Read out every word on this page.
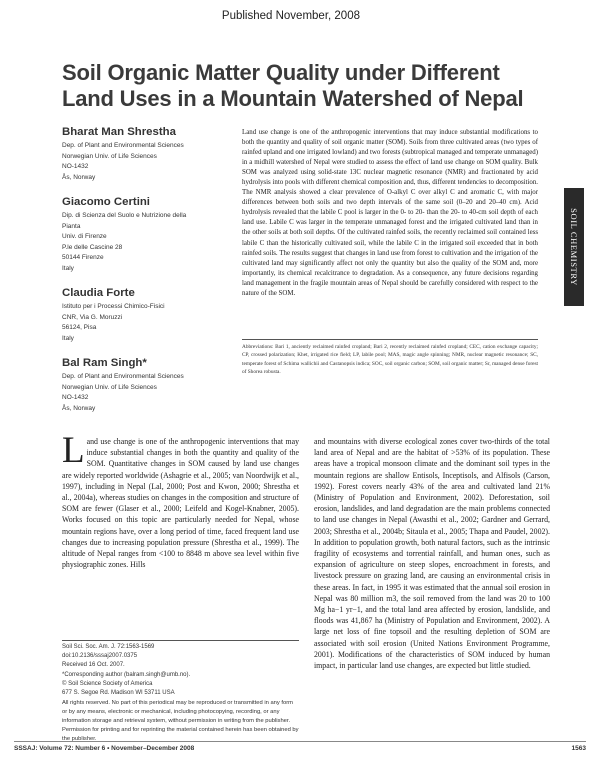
Published November, 2008
Soil Organic Matter Quality under Different
Land Uses in a Mountain Watershed of Nepal
Bharat Man Shrestha
Dep. of Plant and Environmental Sciences
Norwegian Univ. of Life Sciences
NO-1432
Ås, Norway
Giacomo Certini
Dip. di Scienza del Suolo e Nutrizione della
Pianta
Univ. di Firenze
P.le delle Cascine 28
50144 Firenze
Italy
Claudia Forte
Istituto per i Processi Chimico-Fisici
CNR, Via G. Moruzzi
56124, Pisa
Italy
Bal Ram Singh*
Dep. of Plant and Environmental Sciences
Norwegian Univ. of Life Sciences
NO-1432
Ås, Norway
Land use change is one of the anthropogenic interventions that may induce substantial modifications to both the quantity and quality of soil organic matter (SOM). Soils from three cultivated areas (two types of rainfed upland and one irrigated lowland) and two forests (subtropical managed and temperate unmanaged) in a midhill watershed of Nepal were studied to assess the effect of land use change on SOM quality. Bulk SOM was analyzed using solid-state 13C nuclear magnetic resonance (NMR) and fractionated by acid hydrolysis into pools with different chemical composition and, thus, different tendencies to decomposition. The NMR analysis showed a clear prevalence of O-alkyl C over alkyl C and aromatic C, with major differences between both soils and two depth intervals of the same soil (0–20 and 20–40 cm). Acid hydrolysis revealed that the labile C pool is larger in the 0- to 20- than the 20- to 40-cm soil depth of each land use. Labile C was larger in the temperate unmanaged forest and the irrigated cultivated land than in the other soils at both soil depths. Of the cultivated rainfed soils, the recently reclaimed soil contained less labile C than the historically cultivated soil, while the labile C in the irrigated soil exceeded that in both rainfed soils. The results suggest that changes in land use from forest to cultivation and the irrigation of the cultivated land may significantly affect not only the quantity but also the quality of the SOM and, more importantly, its chemical recalcitrance to degradation. As a consequence, any future decisions regarding land management in the fragile mountain areas of Nepal should be carefully considered with respect to the nature of the SOM.
Abbreviations: Bari 1, anciently reclaimed rainfed cropland; Bari 2, recently reclaimed rainfed cropland; CEC, cation exchange capacity; CP, crossed polarization; Khet, irrigated rice field; LP, labile pool; MAS, magic angle spinning; NMR, nuclear magnetic resonance; SC, temperate forest of Schima wallichii and Castanopsis indica; SOC, soil organic carbon; SOM, soil organic matter; Sr, managed dense forest of Shorea robusta.
SOIL CHEMISTRY
Land use change is one of the anthropogenic interventions that may induce substantial changes in both the quantity and quality of the SOM. Quantitative changes in SOM caused by land use changes are widely reported worldwide (Ashagrie et al., 2005; van Noordwijk et al., 1997), including in Nepal (Lal, 2000; Post and Kwon, 2000; Shrestha et al., 2004a), whereas studies on changes in the composition and structure of SOM are fewer (Glaser et al., 2000; Leifeld and Kogel-Knabner, 2005). Works focused on this topic are particularly needed for Nepal, whose mountain regions have, over a long period of time, faced frequent land use changes due to increasing population pressure (Shrestha et al., 1999). The altitude of Nepal ranges from <100 to 8848 m above sea level within five physiographic zones. Hills
and mountains with diverse ecological zones cover two-thirds of the total land area of Nepal and are the habitat of >53% of its population. These areas have a tropical monsoon climate and the dominant soil types in the mountain regions are shallow Entisols, Inceptisols, and Alfisols (Carson, 1992). Forest covers nearly 43% of the area and cultivated land 21% (Ministry of Population and Environment, 2002). Deforestation, soil erosion, landslides, and land degradation are the main problems connected to land use changes in Nepal (Awasthi et al., 2002; Gardner and Gerrard, 2003; Shrestha et al., 2004b; Sitaula et al., 2005; Thapa and Paudel, 2002). In addition to population growth, both natural factors, such as the intrinsic fragility of ecosystems and torrential rainfall, and human ones, such as expansion of agriculture on steep slopes, encroachment in forests, and livestock pressure on grazing land, are causing an environmental crisis in these areas. In fact, in 1995 it was estimated that the annual soil erosion in Nepal was 80 million m3, the soil removed from the land was 20 to 100 Mg ha−1 yr−1, and the total land area affected by erosion, landslide, and floods was 41,867 ha (Ministry of Population and Environment, 2002). A large net loss of fine topsoil and the resulting depletion of SOM are associated with soil erosion (United Nations Environment Programme, 2001). Modifications of the characteristics of SOM induced by human impact, in particular land use changes, are expected but little studied.
Soil Sci. Soc. Am. J. 72:1563-1569
doi:10.2136/sssaj2007.0375
Received 16 Oct. 2007.
*Corresponding author (balram.singh@umb.no).
© Soil Science Society of America
677 S. Segoe Rd. Madison WI 53711 USA
All rights reserved. No part of this periodical may be reproduced or transmitted in any form or by any means, electronic or mechanical, including photocopying, recording, or any information storage and retrieval system, without permission in writing from the publisher. Permission for printing and for reprinting the material contained herein has been obtained by the publisher.
SSSAJ: Volume 72: Number 6 • November–December 2008	1563
